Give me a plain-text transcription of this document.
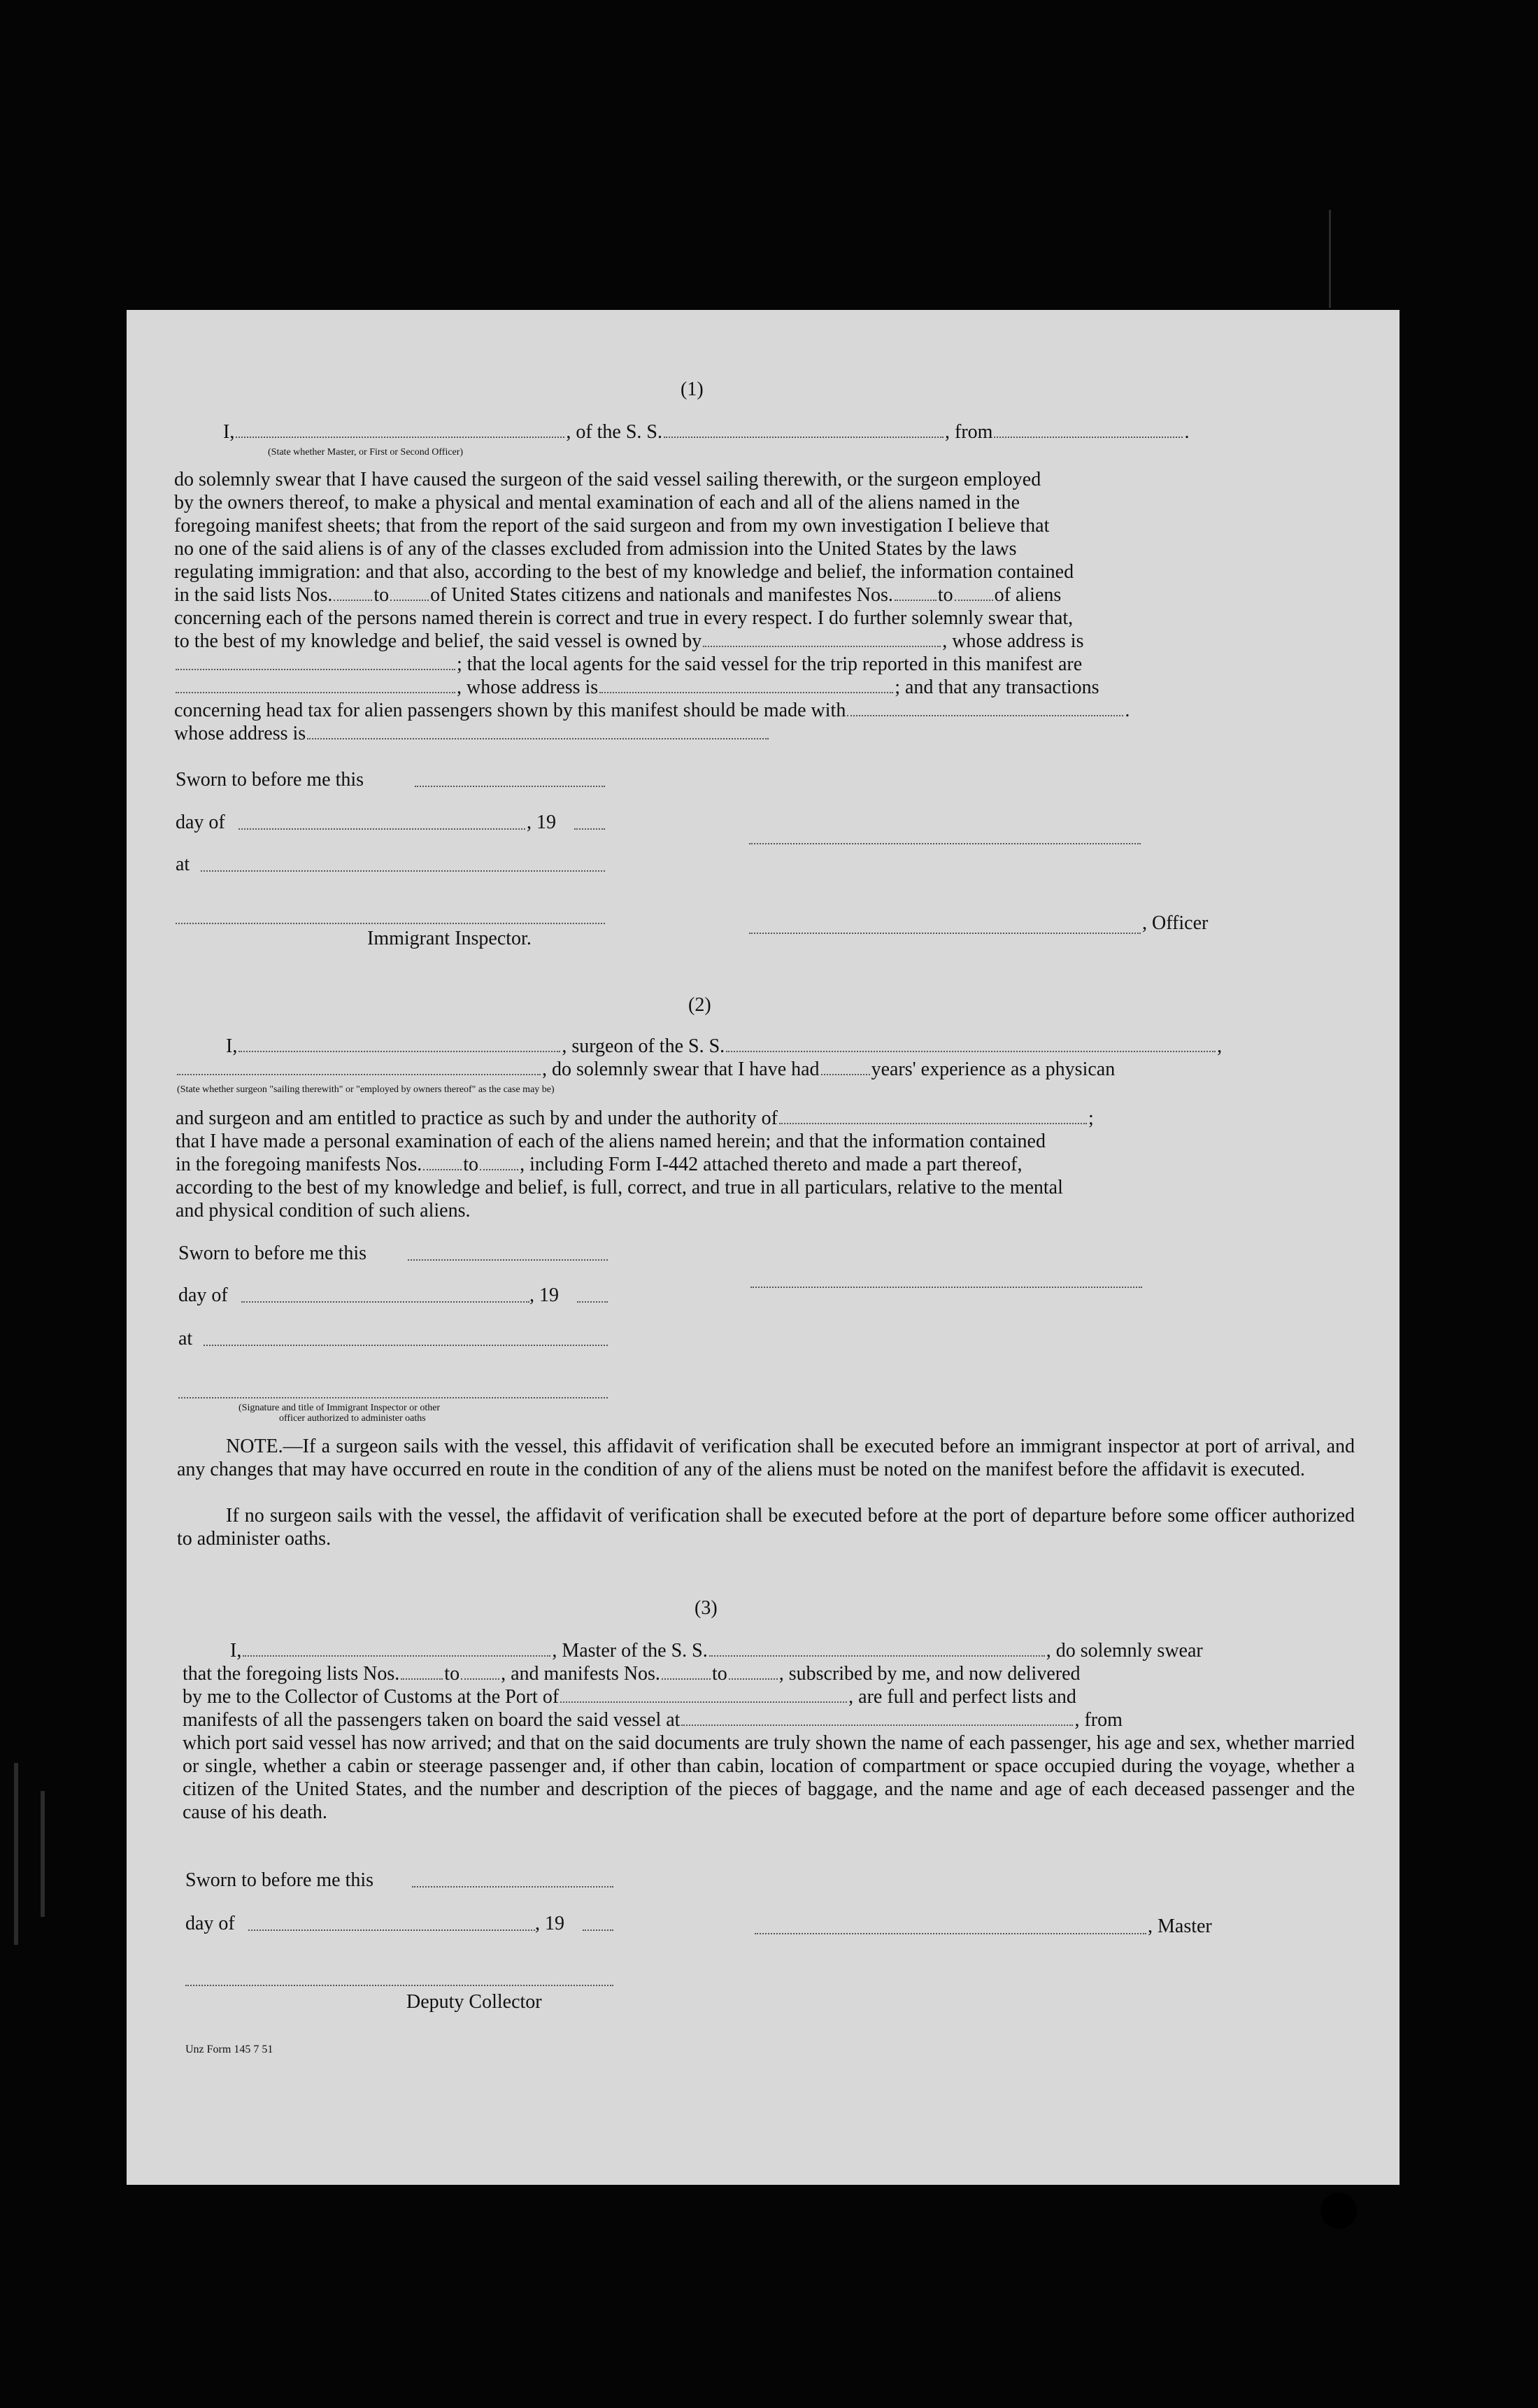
(1)
I,	, of the S. S.	, from	.
(State whether Master, or First or Second Officer)
do solemnly swear that I have caused the surgeon of the said vessel sailing therewith, or the surgeon employed
by the owners thereof, to make a physical and mental examination of each and all of the aliens named in the
foregoing manifest sheets; that from the report of the said surgeon and from my own investigation I believe that
no one of the said aliens is of any of the classes excluded from admission into the United States by the laws
regulating immigration: and that also, according to the best of my knowledge and belief, the information contained
in the said lists Nos. to of United States citizens and nationals and manifestes Nos. to of aliens
concerning each of the persons named therein is correct and true in every respect. I do further solemnly swear that,
to the best of my knowledge and belief, the said vessel is owned by	, whose address is
; that the local agents for the said vessel for the trip reported in this manifest are
, whose address is	; and that any transactions
concerning head tax for alien passengers shown by this manifest should be made with	.
whose address is
Sworn to before me this
day of	, 19
at
Immigrant Inspector.
, Officer
(2)
I,	, surgeon of the S. S.	,
, do solemnly swear that I have had	years' experience as a physican
(State whether surgeon "sailing therewith" or "employed by owners thereof" as the case may be)
and surgeon and am entitled to practice as such by and under the authority of	;
that I have made a personal examination of each of the aliens named herein; and that the information contained
in the foregoing manifests Nos. to , including Form I-442 attached thereto and made a part thereof,
according to the best of my knowledge and belief, is full, correct, and true in all particulars, relative to the mental
and physical condition of such aliens.
Sworn to before me this
day of	, 19
at
(Signature and title of Immigrant Inspector or other
officer authorized to administer oaths
NOTE.—If a surgeon sails with the vessel, this affidavit of verification shall be executed before an immigrant inspector at port of arrival, and any changes that may have occurred en route in the condition of any of the aliens must be noted on the manifest before the affidavit is executed.
If no surgeon sails with the vessel, the affidavit of verification shall be executed before at the port of departure before some officer authorized to administer oaths.
(3)
I,	, Master of the S. S.	, do solemnly swear
that the foregoing lists Nos. to , and manifests Nos.	to	, subscribed by me, and now delivered
by me to the Collector of Customs at the Port of	, are full and perfect lists and
manifests of all the passengers taken on board the said vessel at	, from
which port said vessel has now arrived; and that on the said documents are truly shown the name of each passenger, his age and sex, whether married or single, whether a cabin or steerage passenger and, if other than cabin, location of compartment or space occupied during the voyage, whether a citizen of the United States, and the number and description of the pieces of baggage, and the name and age of each deceased passenger and the cause of his death.
Sworn to before me this
day of	, 19	, Master
Deputy Collector
Unz Form 145 7 51
